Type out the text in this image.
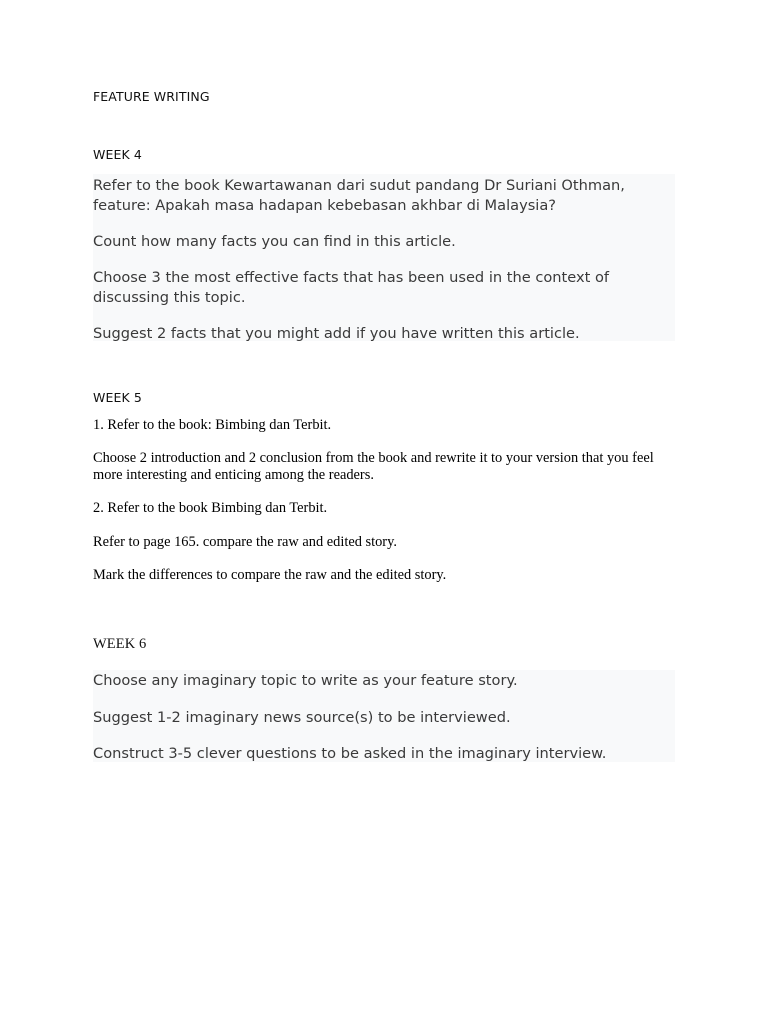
FEATURE WRITING
WEEK 4

Refer to the book Kewartawanan dari sudut pandang Dr Suriani Othman, feature: Apakah masa hadapan kebebasan akhbar di Malaysia?

Count how many facts you can find in this article.

Choose 3 the most effective facts that has been used in the context of discussing this topic.

Suggest 2 facts that you might add if you have written this article.

WEEK 5

1. Refer to the book: Bimbing dan Terbit.

Choose 2 introduction and 2 conclusion from the book and rewrite it to your version that you feel more interesting and enticing among the readers.

2. Refer to the book Bimbing dan Terbit.

Refer to page 165. compare the raw and edited story.

Mark the differences to compare the raw and the edited story.

WEEK 6

Choose any imaginary topic to write as your feature story.

Suggest 1-2 imaginary news source(s) to be interviewed.

Construct 3-5 clever questions to be asked in the imaginary interview.
